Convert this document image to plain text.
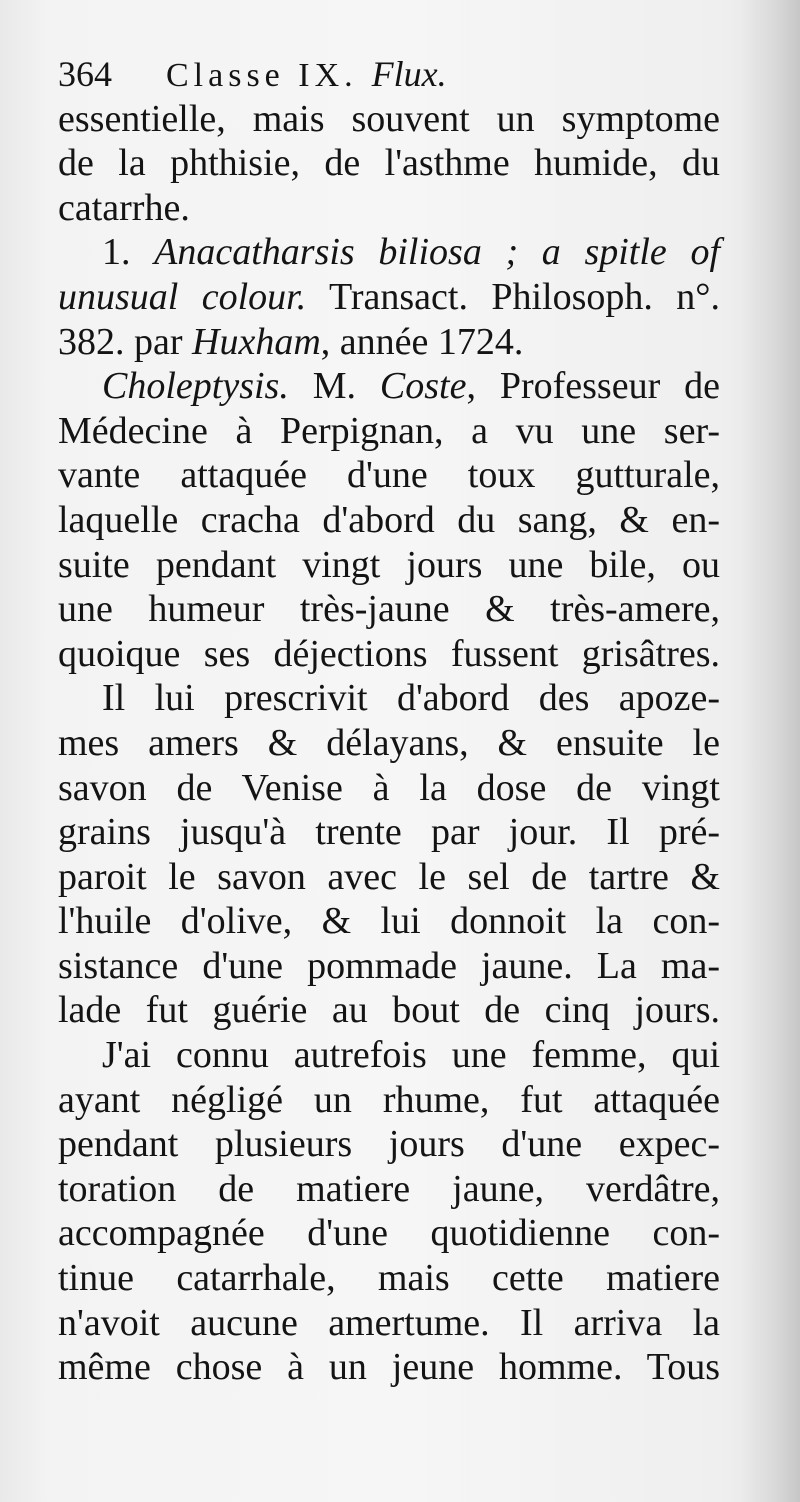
364 Classe IX. Flux.
essentielle, mais souvent un symptome
de la phthisie, de l'asthme humide, du
catarrhe.
1. Anacatharsis biliosa ; a spitle of
unusual colour. Transact. Philosoph. n°.
382. par Huxham, année 1724.
Choleptysis. M. Coste, Professeur de
Médecine à Perpignan, a vu une ser-
vante attaquée d'une toux gutturale,
laquelle cracha d'abord du sang, & en-
suite pendant vingt jours une bile, ou
une humeur très-jaune & très-amere,
quoique ses déjections fussent grisâtres.
Il lui prescrivit d'abord des apoze-
mes amers & délayans, & ensuite le
savon de Venise à la dose de vingt
grains jusqu'à trente par jour. Il pré-
paroit le savon avec le sel de tartre &
l'huile d'olive, & lui donnoit la con-
sistance d'une pommade jaune. La ma-
lade fut guérie au bout de cinq jours.
J'ai connu autrefois une femme, qui
ayant négligé un rhume, fut attaquée
pendant plusieurs jours d'une expec-
toration de matiere jaune, verdâtre,
accompagnée d'une quotidienne con-
tinue catarrhale, mais cette matiere
n'avoit aucune amertume. Il arriva la
même chose à un jeune homme. Tous
